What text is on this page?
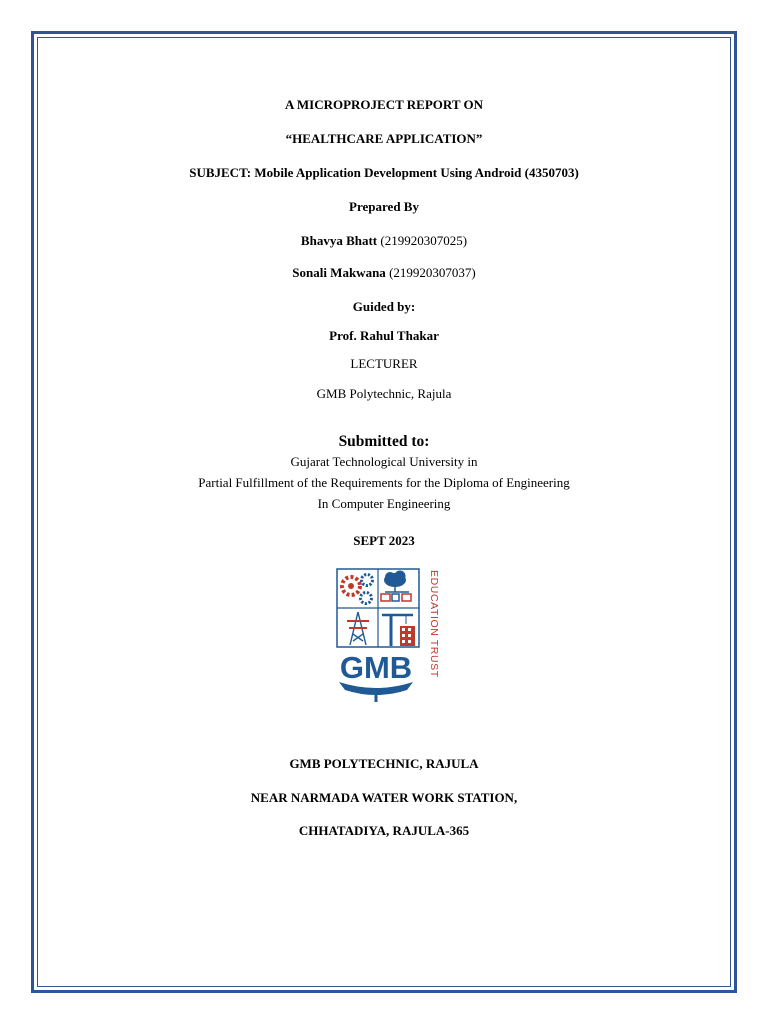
A MICROPROJECT REPORT ON
“HEALTHCARE APPLICATION”
SUBJECT: Mobile Application Development Using Android (4350703)
Prepared By
Bhavya Bhatt (219920307025)
Sonali Makwana (219920307037)
Guided by:
Prof. Rahul Thakar
LECTURER
GMB Polytechnic, Rajula
Submitted to:
Gujarat Technological University in
Partial Fulfillment of the Requirements for the Diploma of Engineering
In Computer Engineering
SEPT 2023
EDUCATION TRUST
GMB
GMB POLYTECHNIC, RAJULA
NEAR NARMADA WATER WORK STATION,
CHHATADIYA, RAJULA-365
